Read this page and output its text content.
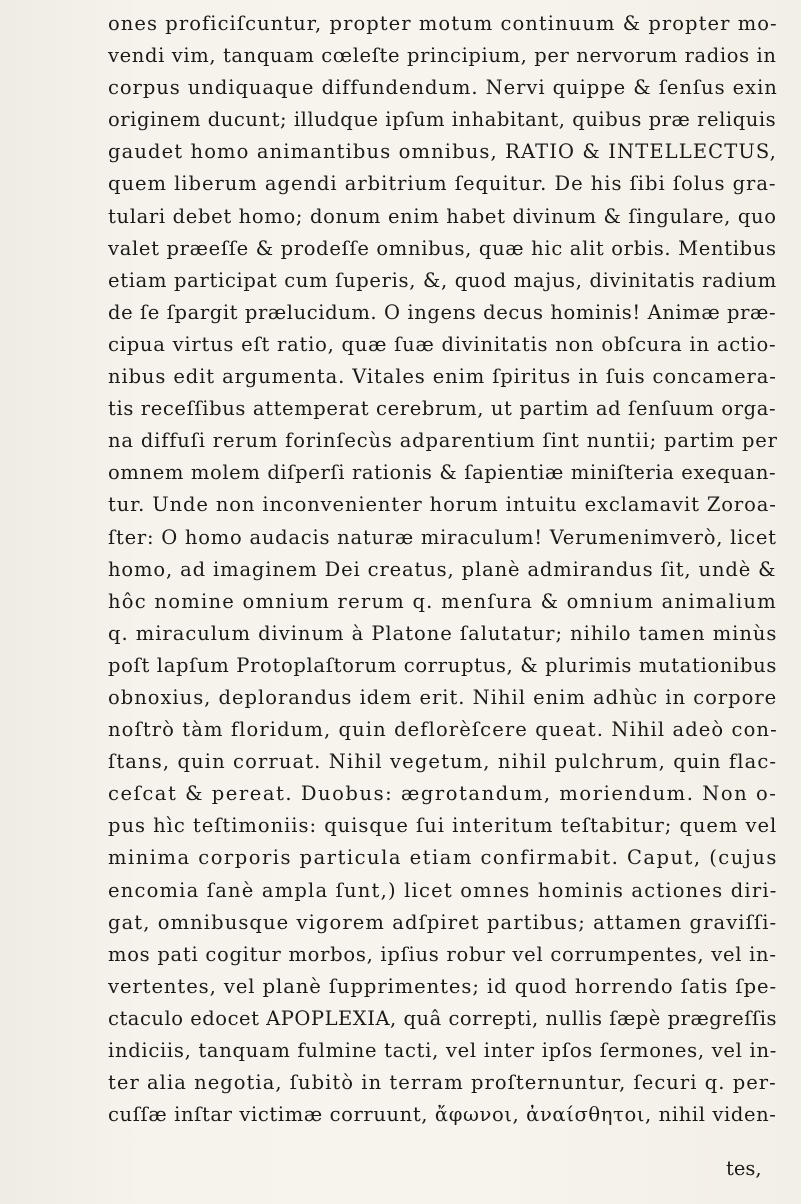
ones proficiſcuntur, propter motum continuum & propter mo-
vendi vim, tanquam cœleſte principium, per nervorum radios in
corpus undiquaque diffundendum. Nervi quippe & ſenſus exin
originem ducunt; illudque ipſum inhabitant, quibus præ reliquis
gaudet homo animantibus omnibus, RATIO & INTELLECTUS,
quem liberum agendi arbitrium ſequitur. De his ſibi ſolus gra-
tulari debet homo; donum enim habet divinum & ſingulare, quo
valet præeſſe & prodeſſe omnibus, quæ hic alit orbis. Mentibus
etiam participat cum ſuperis, &, quod majus, divinitatis radium
de ſe ſpargit prælucidum. O ingens decus hominis! Animæ præ-
cipua virtus eſt ratio, quæ ſuæ divinitatis non obſcura in actio-
nibus edit argumenta. Vitales enim ſpiritus in ſuis concamera-
tis receſſibus attemperat cerebrum, ut partim ad ſenſuum orga-
na diffuſi rerum forinſecùs adparentium ſint nuntii; partim per
omnem molem diſperſi rationis & ſapientiæ miniſteria exequan-
tur. Unde non inconvenienter horum intuitu exclamavit Zoroa-
ſter: O homo audacis naturæ miraculum! Verumenimverò, licet
homo, ad imaginem Dei creatus, planè admirandus ſit, undè &
hôc nomine omnium rerum q. menſura & omnium animalium
q. miraculum divinum à Platone ſalutatur; nihilo tamen minùs
poſt lapſum Protoplaſtorum corruptus, & plurimis mutationibus
obnoxius, deplorandus idem erit. Nihil enim adhùc in corpore
noſtrò tàm floridum, quin deflorèſcere queat. Nihil adeò con-
ſtans, quin corruat. Nihil vegetum, nihil pulchrum, quin flac-
ceſcat & pereat. Duobus: ægrotandum, moriendum. Non o-
pus hìc teſtimoniis: quisque ſui interitum teſtabitur; quem vel
minima corporis particula etiam confirmabit. Caput, (cujus
encomia ſanè ampla ſunt,) licet omnes hominis actiones diri-
gat, omnibusque vigorem adſpiret partibus; attamen graviſſi-
mos pati cogitur morbos, ipſius robur vel corrumpentes, vel in-
vertentes, vel planè ſupprimentes; id quod horrendo ſatis ſpe-
ctaculo edocet APOPLEXIA, quâ correpti, nullis ſæpè prægreſſis
indiciis, tanquam fulmine tacti, vel inter ipſos ſermones, vel in-
ter alia negotia, ſubitò in terram proſternuntur, ſecuri q. per-
cuſſæ inſtar victimæ corruunt, ἄφωνοι, ἀναίσθητοι, nihil viden-
tes,
